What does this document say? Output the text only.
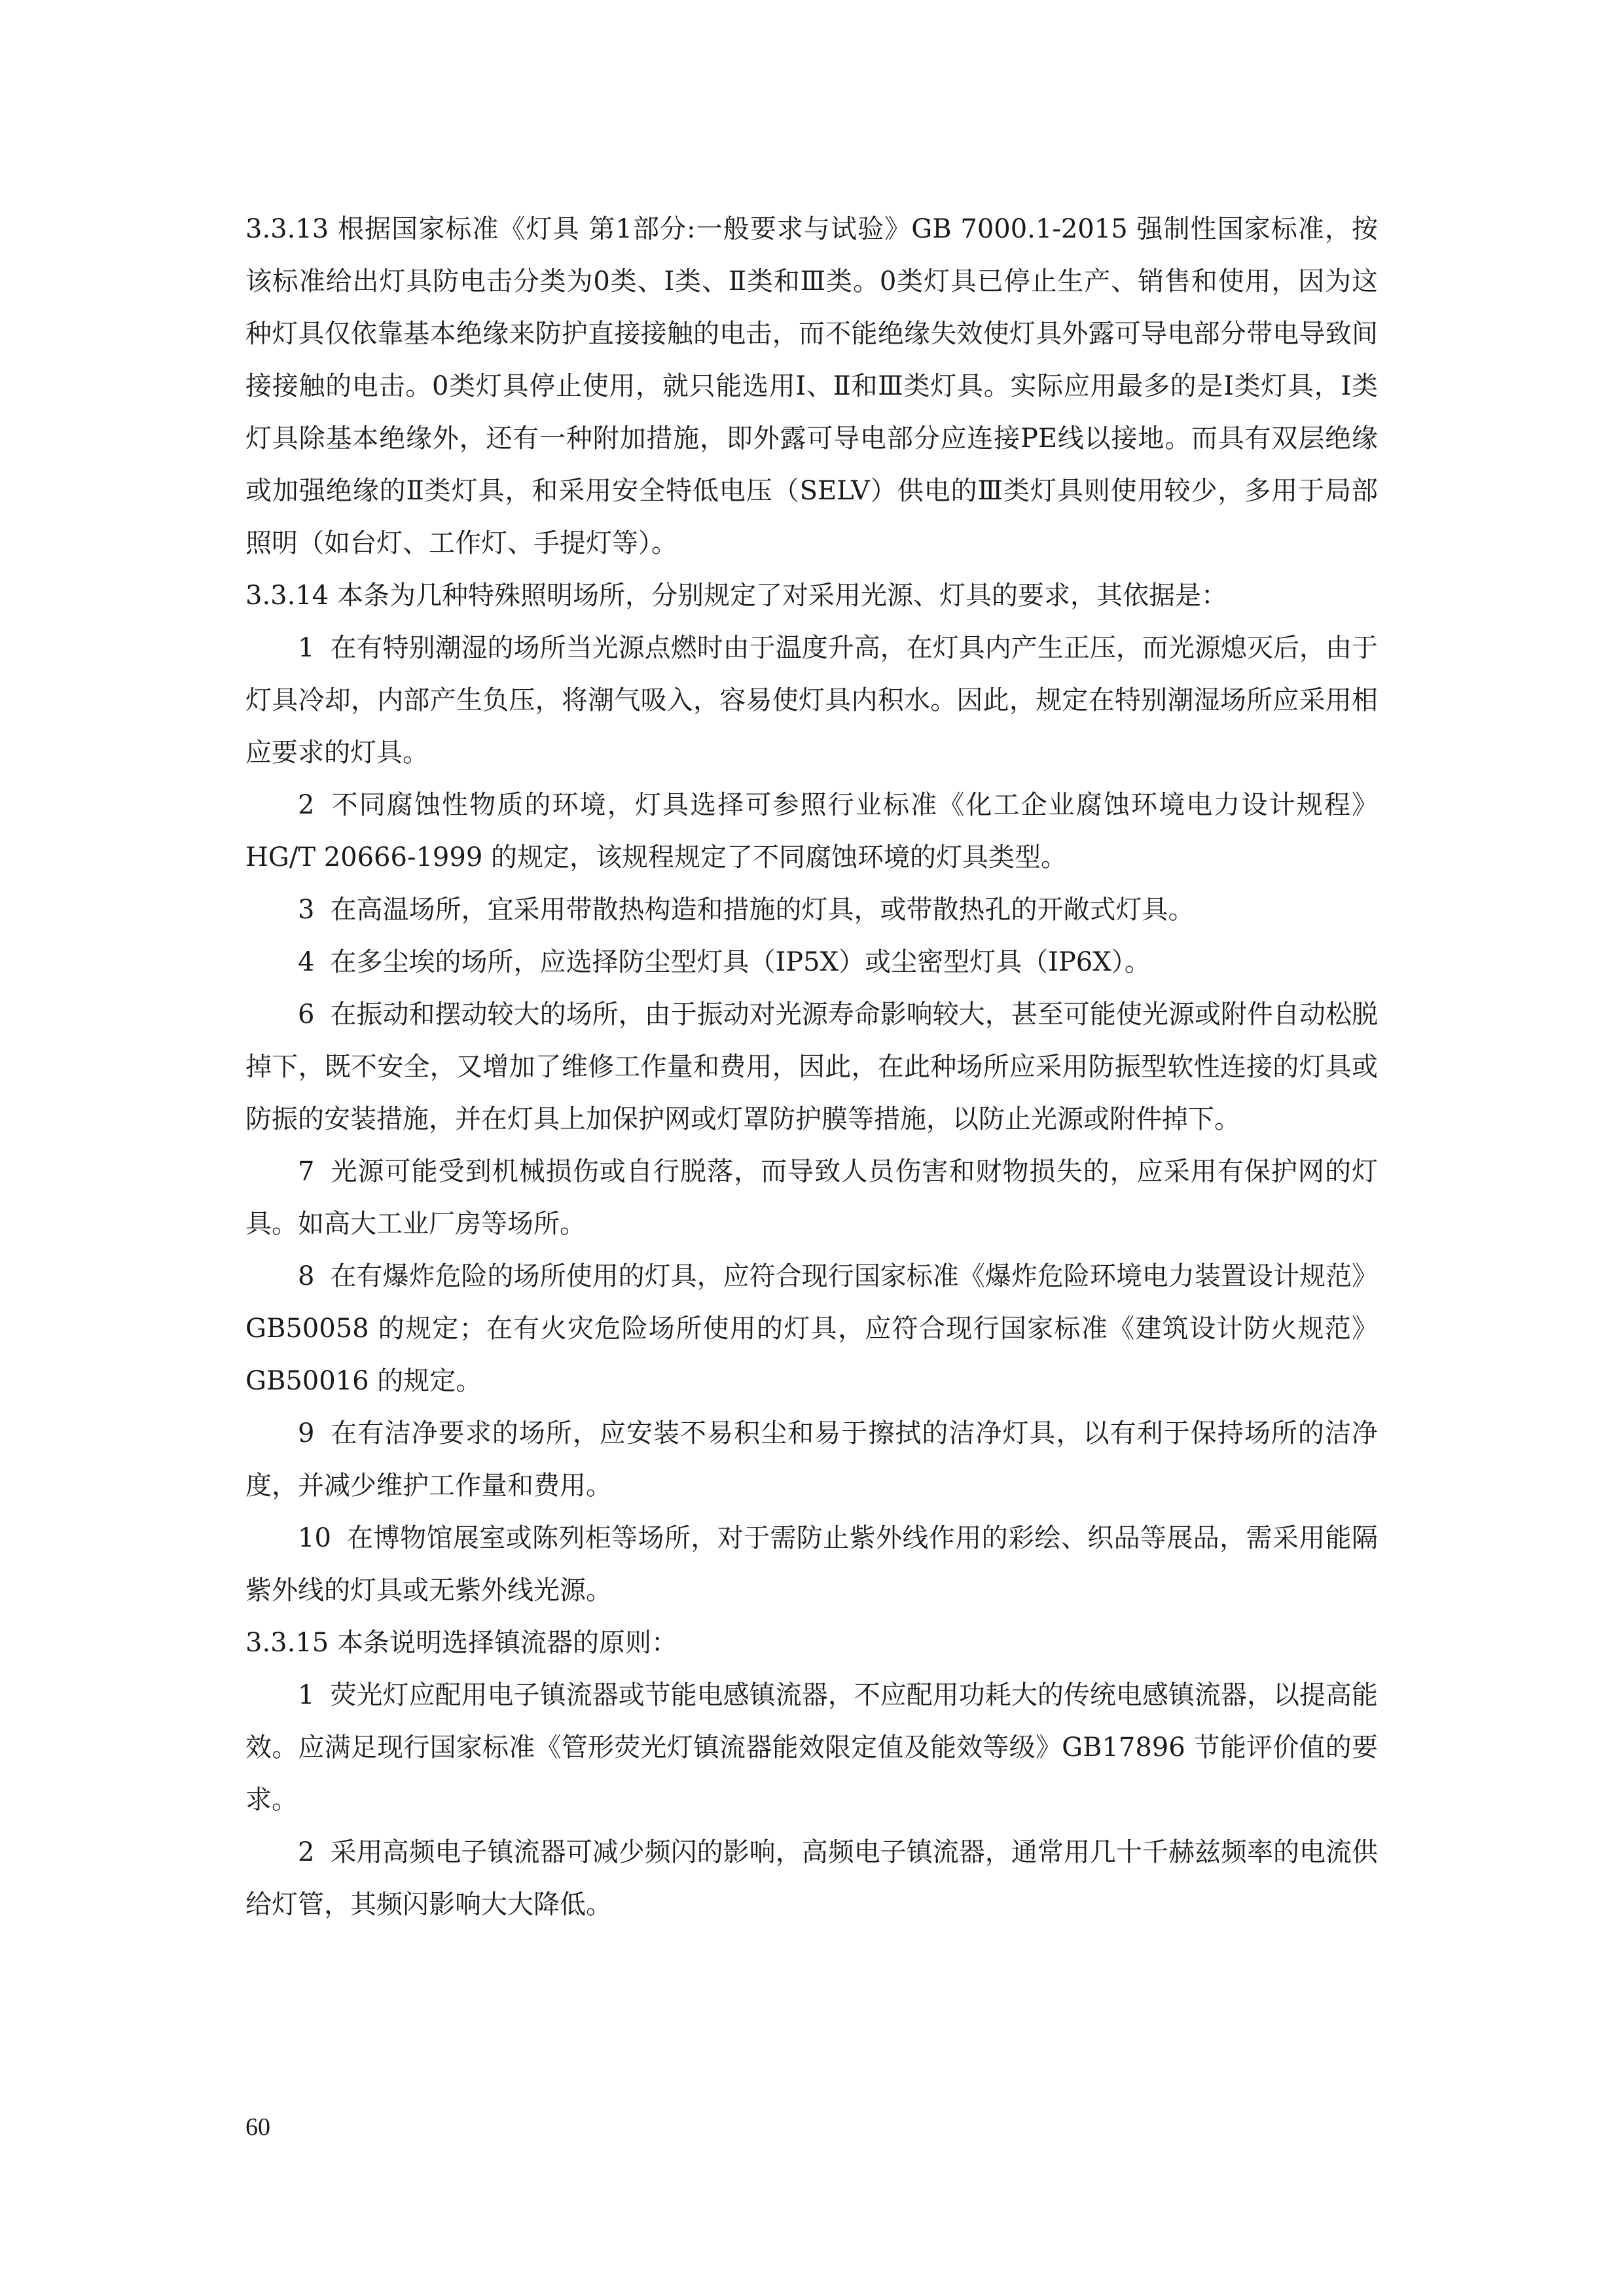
3.3.13 根据国家标准《灯具 第1部分:一般要求与试验》GB 7000.1-2015 强制性国家标准，按该标准给出灯具防电击分类为0类、Ⅰ类、Ⅱ类和Ⅲ类。0类灯具已停止生产、销售和使用，因为这种灯具仅依靠基本绝缘来防护直接接触的电击，而不能绝缘失效使灯具外露可导电部分带电导致间接接触的电击。0类灯具停止使用，就只能选用Ⅰ、Ⅱ和Ⅲ类灯具。实际应用最多的是Ⅰ类灯具，Ⅰ类灯具除基本绝缘外，还有一种附加措施，即外露可导电部分应连接PE线以接地。而具有双层绝缘或加强绝缘的Ⅱ类灯具，和采用安全特低电压（SELV）供电的Ⅲ类灯具则使用较少，多用于局部照明（如台灯、工作灯、手提灯等）。

3.3.14 本条为几种特殊照明场所，分别规定了对采用光源、灯具的要求，其依据是：

1 在有特别潮湿的场所当光源点燃时由于温度升高，在灯具内产生正压，而光源熄灭后，由于灯具冷却，内部产生负压，将潮气吸入，容易使灯具内积水。因此，规定在特别潮湿场所应采用相应要求的灯具。

2 不同腐蚀性物质的环境，灯具选择可参照行业标准《化工企业腐蚀环境电力设计规程》HG/T 20666-1999 的规定，该规程规定了不同腐蚀环境的灯具类型。

3 在高温场所，宜采用带散热构造和措施的灯具，或带散热孔的开敞式灯具。

4 在多尘埃的场所，应选择防尘型灯具（IP5X）或尘密型灯具（IP6X）。

6 在振动和摆动较大的场所，由于振动对光源寿命影响较大，甚至可能使光源或附件自动松脱掉下，既不安全，又增加了维修工作量和费用，因此，在此种场所应采用防振型软性连接的灯具或防振的安装措施，并在灯具上加保护网或灯罩防护膜等措施，以防止光源或附件掉下。

7 光源可能受到机械损伤或自行脱落，而导致人员伤害和财物损失的，应采用有保护网的灯具。如高大工业厂房等场所。

8 在有爆炸危险的场所使用的灯具，应符合现行国家标准《爆炸危险环境电力装置设计规范》GB50058 的规定；在有火灾危险场所使用的灯具，应符合现行国家标准《建筑设计防火规范》GB50016 的规定。

9 在有洁净要求的场所，应安装不易积尘和易于擦拭的洁净灯具，以有利于保持场所的洁净度，并减少维护工作量和费用。

10 在博物馆展室或陈列柜等场所，对于需防止紫外线作用的彩绘、织品等展品，需采用能隔紫外线的灯具或无紫外线光源。

3.3.15 本条说明选择镇流器的原则：

1 荧光灯应配用电子镇流器或节能电感镇流器，不应配用功耗大的传统电感镇流器，以提高能效。应满足现行国家标准《管形荧光灯镇流器能效限定值及能效等级》GB17896 节能评价值的要求。

2 采用高频电子镇流器可减少频闪的影响，高频电子镇流器，通常用几十千赫兹频率的电流供给灯管，其频闪影响大大降低。

60
